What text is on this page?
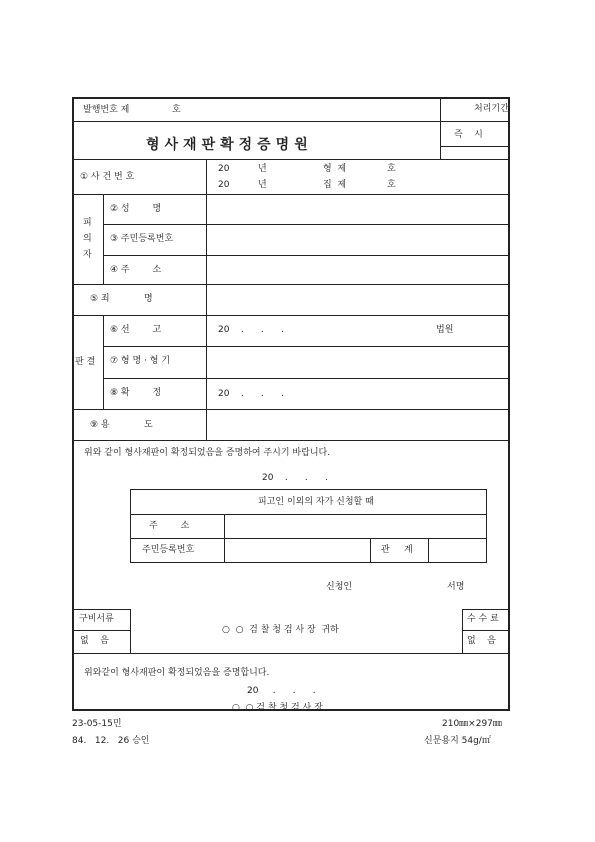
발행번호 제	호	처리기간
즉    시
형사재판확정증명원
① 사 건 번 호
20	년	형  제	호
20	년	집  제	호
피
의
자
② 성        명
③ 주민등록번호
④ 주        소
⑤ 죄            명
판 결
⑥ 선        고	20    .      .      .	법원
⑦ 형 명 · 형 기
⑧ 확        정	20    .      .      .
⑨ 용            도
위와 같이 형사재판이 확정되었음을 증명하여 주시기 바랍니다.
20    .      .      .
피고인 이외의 자가 신청할 때
주        소
주민등록번호	관     계
신청인	서명
구비서류
없    음
○  ○  검 찰 청 검 사 장  귀하
수 수 료
없    음
위와같이 형사재판이 확정되었음을 증명합니다.
20     .      .      .
○  ○ 검 찰 청 검 사 장
23-05-15민
84.   12.   26 승인
210㎜×297㎜
신문용지 54g/㎡
